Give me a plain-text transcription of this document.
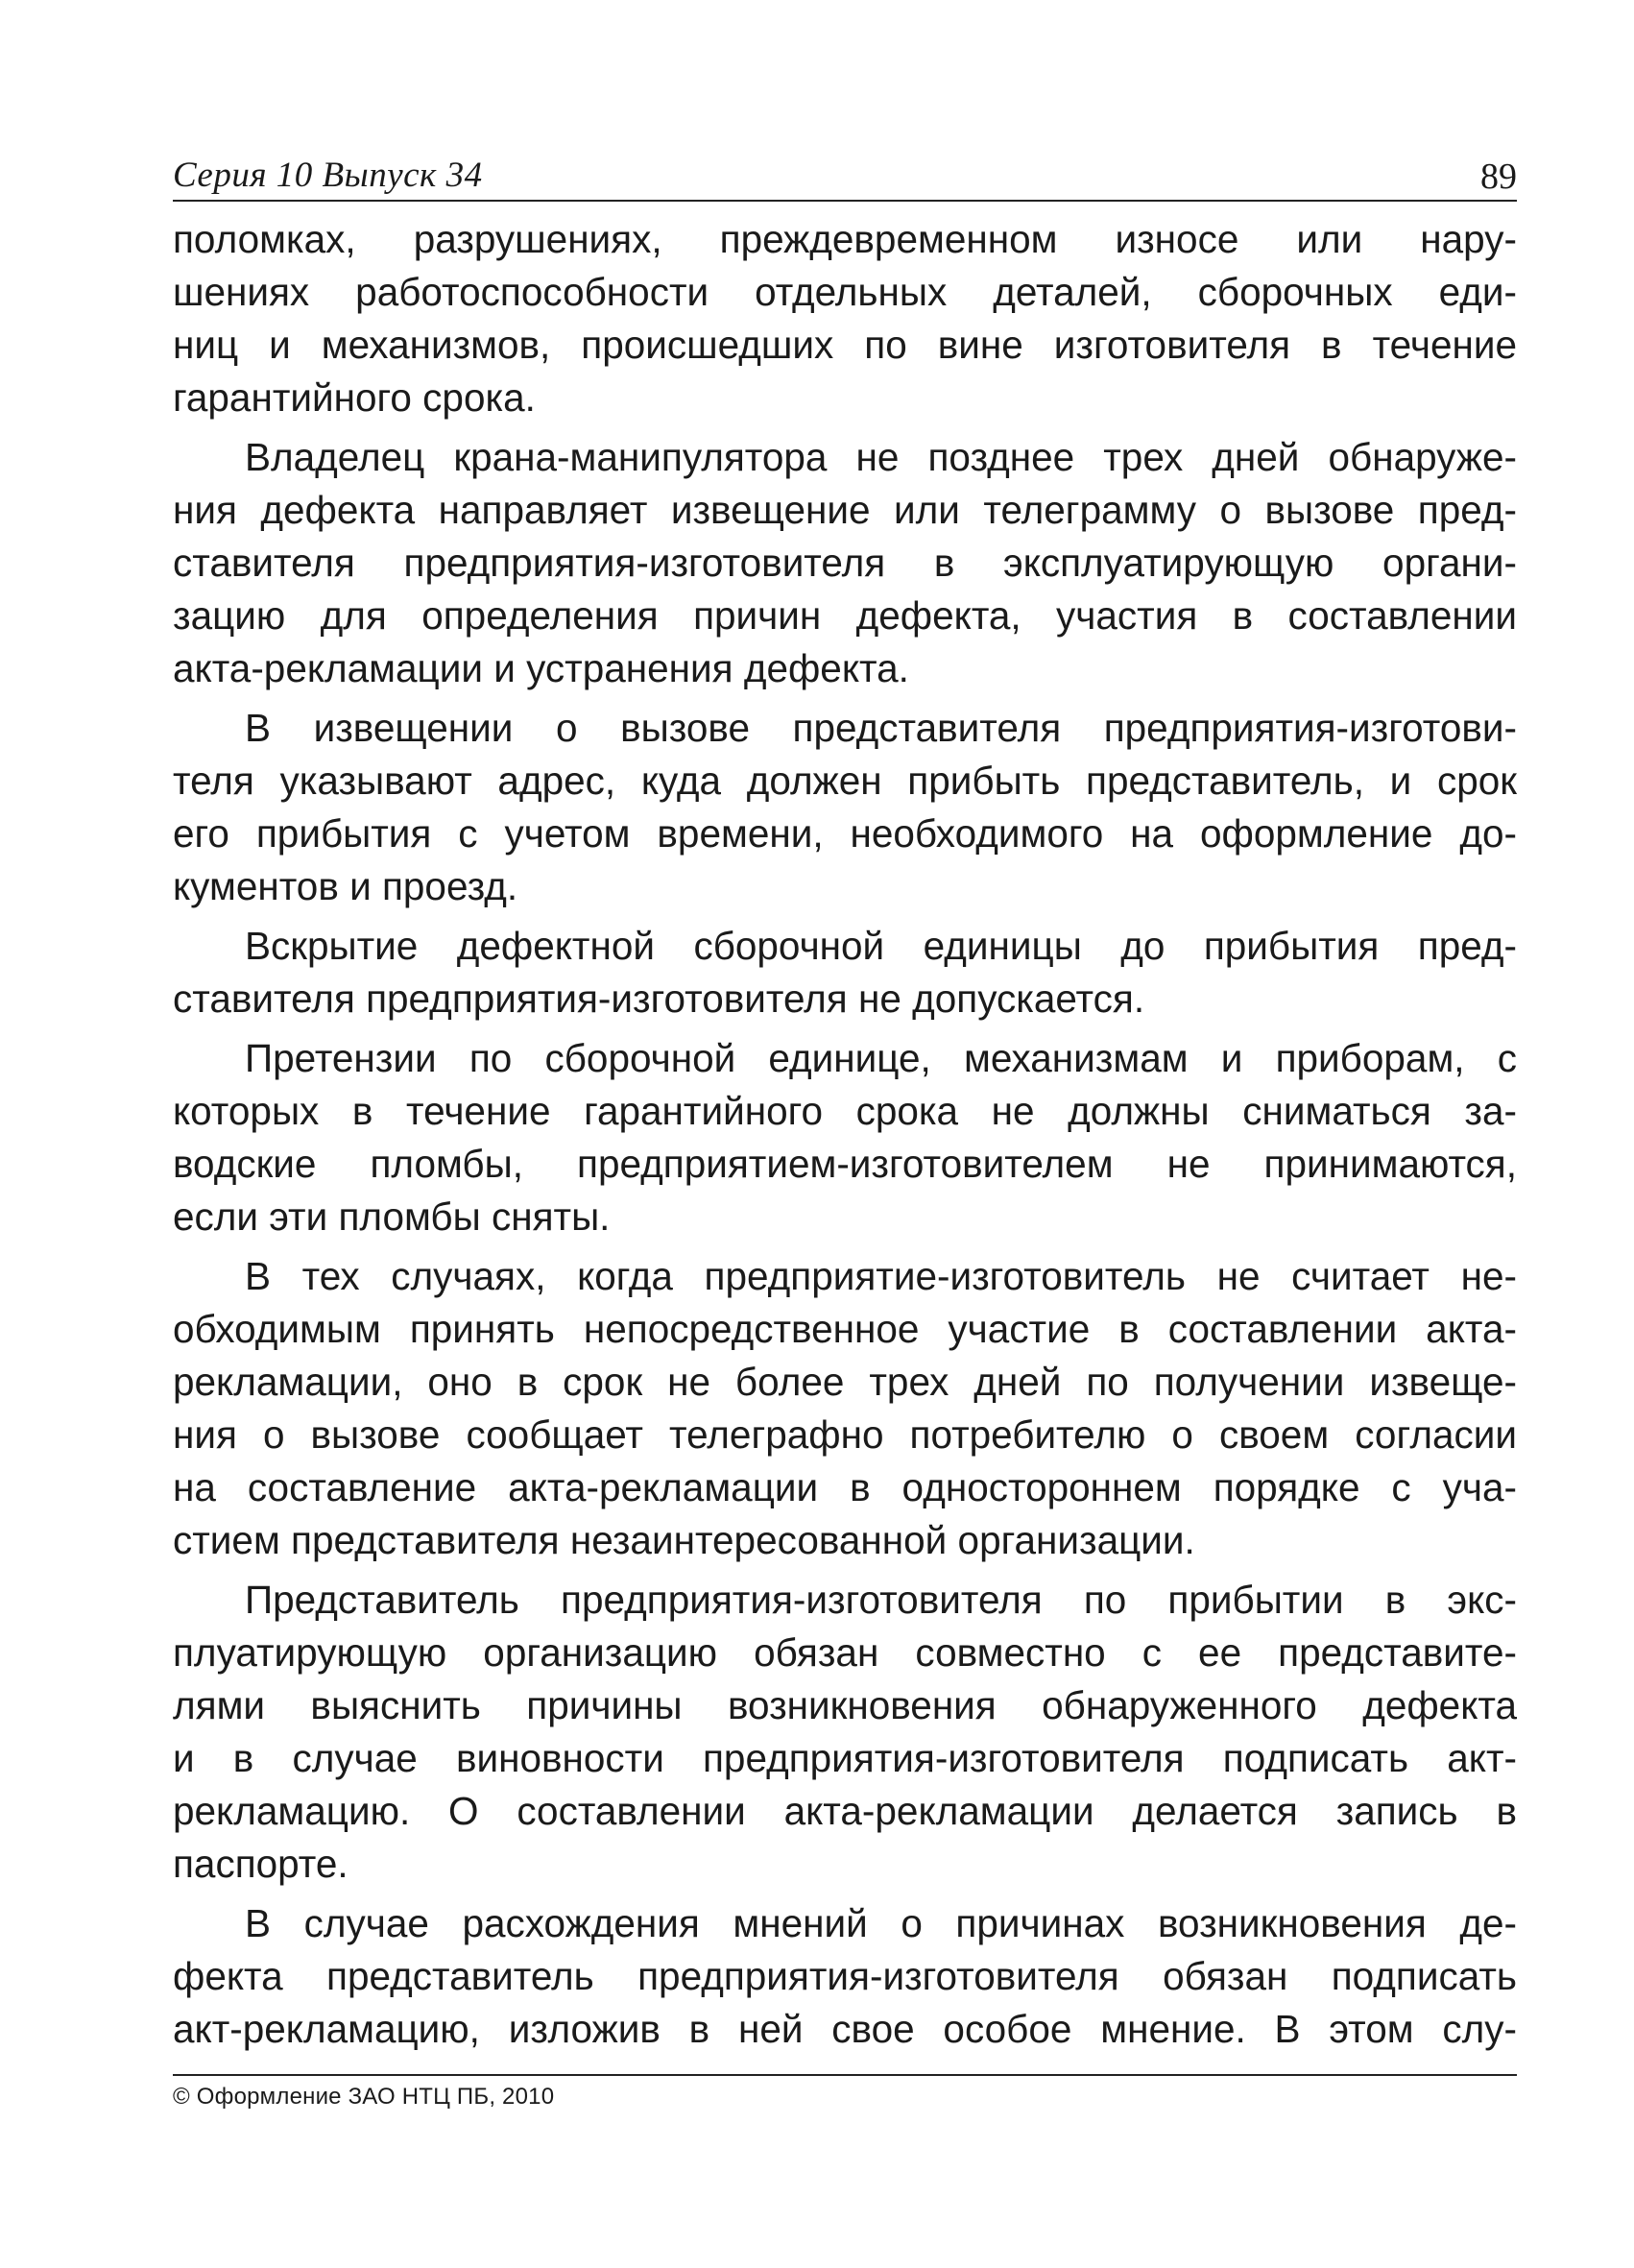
Серия 10 Выпуск 34	89

поломках, разрушениях, преждевременном износе или нару-
шениях работоспособности отдельных деталей, сборочных еди-
ниц и механизмов, происшедших по вине изготовителя в течение
гарантийного срока.

Владелец крана-манипулятора не позднее трех дней обнаруже-
ния дефекта направляет извещение или телеграмму о вызове пред-
ставителя предприятия-изготовителя в эксплуатирующую органи-
зацию для определения причин дефекта, участия в составлении
акта-рекламации и устранения дефекта.

В извещении о вызове представителя предприятия-изготови-
теля указывают адрес, куда должен прибыть представитель, и срок
его прибытия с учетом времени, необходимого на оформление до-
кументов и проезд.

Вскрытие дефектной сборочной единицы до прибытия пред-
ставителя предприятия-изготовителя не допускается.

Претензии по сборочной единице, механизмам и приборам, с
которых в течение гарантийного срока не должны сниматься за-
водские пломбы, предприятием-изготовителем не принимаются,
если эти пломбы сняты.

В тех случаях, когда предприятие-изготовитель не считает не-
обходимым принять непосредственное участие в составлении акта-
рекламации, оно в срок не более трех дней по получении извеще-
ния о вызове сообщает телеграфно потребителю о своем согласии
на составление акта-рекламации в одностороннем порядке с уча-
стием представителя незаинтересованной организации.

Представитель предприятия-изготовителя по прибытии в экс-
плуатирующую организацию обязан совместно с ее представите-
лями выяснить причины возникновения обнаруженного дефекта
и в случае виновности предприятия-изготовителя подписать акт-
рекламацию. О составлении акта-рекламации делается запись в
паспорте.

В случае расхождения мнений о причинах возникновения де-
фекта представитель предприятия-изготовителя обязан подписать
акт-рекламацию, изложив в ней свое особое мнение. В этом слу-

© Оформление ЗАО НТЦ ПБ, 2010
